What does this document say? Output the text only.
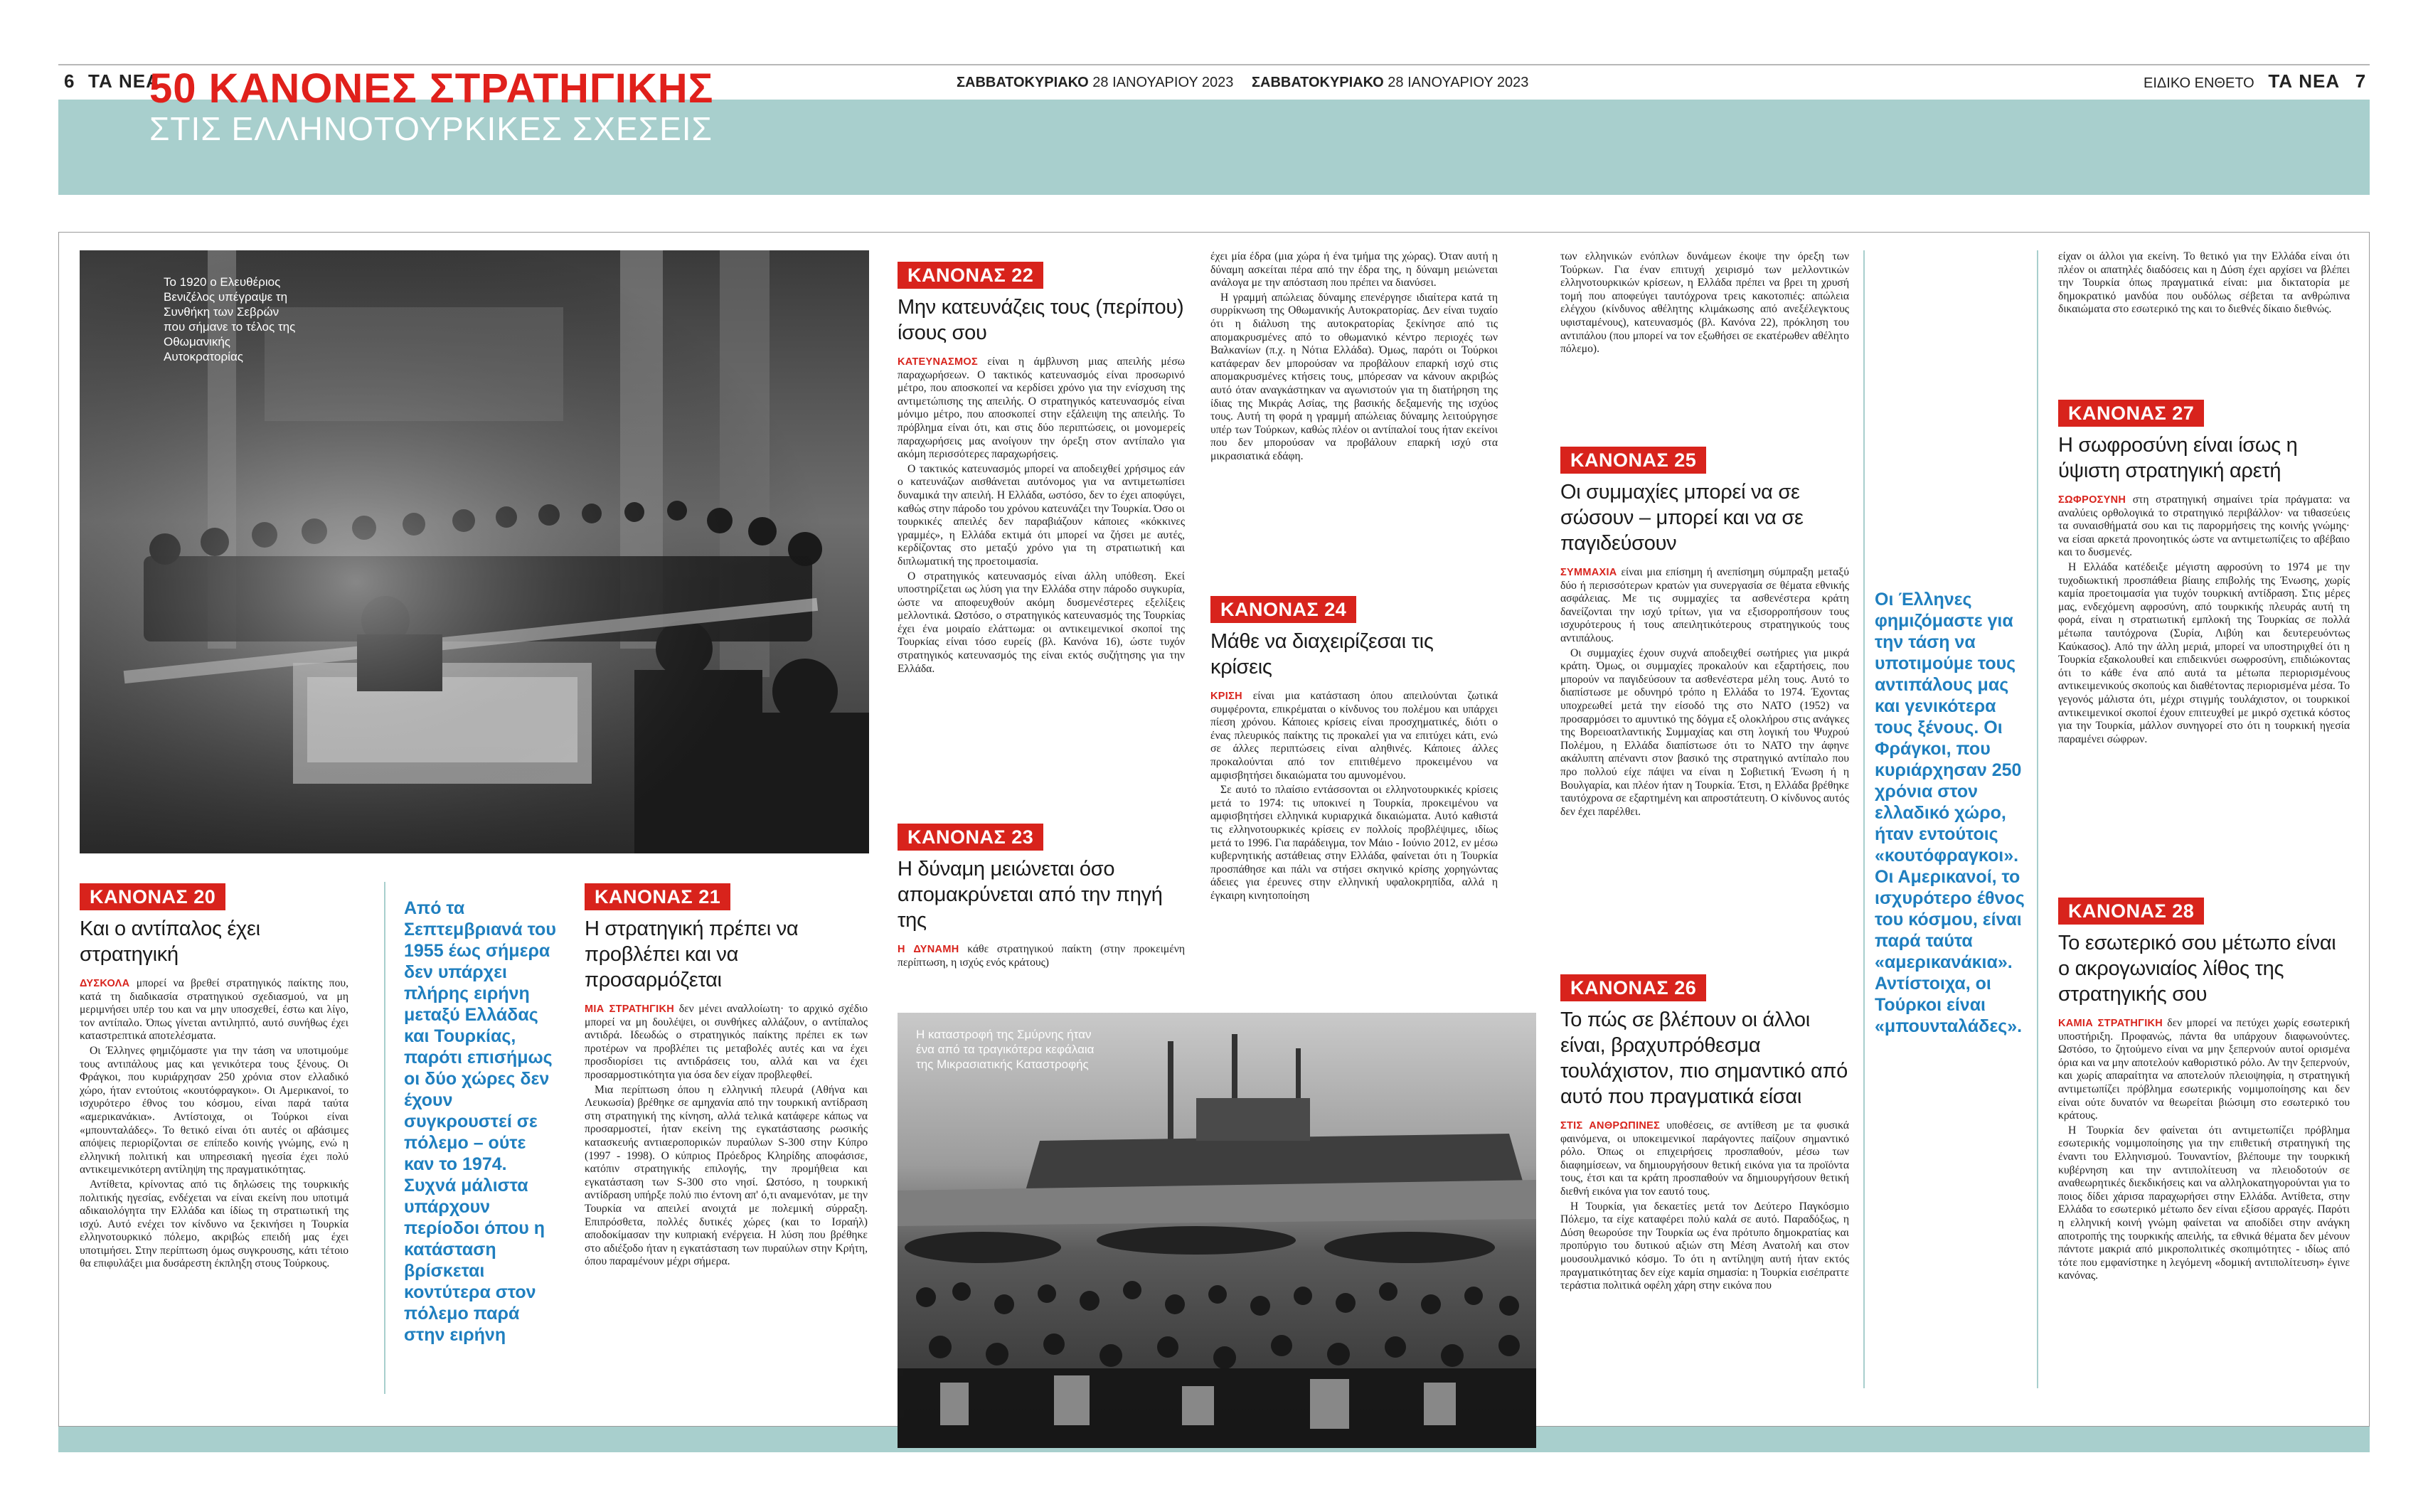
6 ΤΑ ΝΕΑ	ΣΑΒΒΑΤΟΚΥΡΙΑΚΟ 28 ΙΑΝΟΥΑΡΙΟΥ 2023 ΣΑΒΒΑΤΟΚΥΡΙΑΚΟ 28 ΙΑΝΟΥΑΡΙΟΥ 2023	ΕΙΔΙΚΟ ΕΝΘΕΤΟ ΤΑ ΝΕΑ 7
50 ΚΑΝΟΝΕΣ ΣΤΡΑΤΗΓΙΚΗΣ
ΣΤΙΣ ΕΛΛΗΝΟΤΟΥΡΚΙΚΕΣ ΣΧΕΣΕΙΣ
Το 1920 ο Ελευθέριος Βενιζέλος υπέγραψε τη Συνθήκη των Σεβρών που σήμανε το τέλος της Οθωμανικής Αυτοκρατορίας
ΚΑΝΟΝΑΣ 20
Και ο αντίπαλος έχει στρατηγική

ΔΥΣΚΟΛΑ μπορεί να βρεθεί στρατηγικός παίκτης που, κατά τη διαδικασία στρατηγικού σχεδιασμού, να μη μεριμνήσει υπέρ του και να μην υποσχεθεί, έστω και λίγο, τον αντίπαλο. Όπως γίνεται αντιληπτό, αυτό συνήθως έχει καταστρεπτικά αποτελέσματα.

Οι Έλληνες φημιζόμαστε για την τάση να υποτιμούμε τους αντιπάλους μας και γενικότερα τους ξένους. Οι Φράγκοι, που κυριάρχησαν 250 χρόνια στον ελλαδικό χώρο, ήταν εντούτοις «κουτόφραγκοι». Οι Αμερικανοί, το ισχυρότερο έθνος του κόσμου, είναι παρά ταύτα «αμερικανάκια». Αντίστοιχα, οι Τούρκοι είναι «μπουνταλάδες». Το θετικό είναι ότι αυτές οι αβάσιμες απόψεις περιορίζονται σε επίπεδο κοινής γνώμης, ενώ η ελληνική πολιτική και υπηρεσιακή ηγεσία έχει πολύ αντικειμενικότερη αντίληψη της πραγματικότητας.

Αντίθετα, κρίνοντας από τις δηλώσεις της τουρκικής πολιτικής ηγεσίας, ενδέχεται να είναι εκείνη που υποτιμά αδικαιολόγητα την Ελλάδα και ίδίως τη στρατιωτική της ισχύ. Αυτό ενέχει τον κίνδυνο να ξεκινήσει η Τουρκία ελληνοτουρκικό πόλεμο, ακριβώς επειδή μας έχει υποτιμήσει. Στην περίπτωση όμως συγκρουσης, κάτι τέτοιο θα επιφυλάξει μια δυσάρεστη έκπληξη στους Τούρκους.

Από τα Σεπτεμβριανά του 1955 έως σήμερα δεν υπάρχει πλήρης ειρήνη μεταξύ Ελλάδας και Τουρκίας, παρότι επισήμως οι δύο χώρες δεν έχουν συγκρουστεί σε πόλεμο – ούτε καν το 1974. Συχνά μάλιστα υπάρχουν περίοδοι όπου η κατάσταση βρίσκεται κοντύτερα στον πόλεμο παρά στην ειρήνη
ΚΑΝΟΝΑΣ 21
Η στρατηγική πρέπει να προβλέπει και να προσαρμόζεται

ΜΙΑ ΣΤΡΑΤΗΓΙΚΗ δεν μένει αναλλοίωτη· το αρχικό σχέδιο μπορεί να μη δουλέψει, οι συνθήκες αλλάζουν, ο αντίπαλος αντιδρά. Ιδεωδώς ο στρατηγικός παίκτης πρέπει εκ των προτέρων να προβλέπει τις μεταβολές αυτές και να έχει προσδιορίσει τις αντιδράσεις του, αλλά και να έχει προσαρμοστικότητα για όσα δεν είχαν προβλεφθεί.

Μια περίπτωση όπου η ελληνική πλευρά (Αθήνα και Λευκωσία) βρέθηκε σε αμηχανία από την τουρκική αντίδραση στη στρατηγική της κίνηση, αλλά τελικά κατάφερε κάπως να προσαρμοστεί, ήταν εκείνη της εγκατάστασης ρωσικής κατασκευής αντιαεροπορικών πυραύλων S-300 στην Κύπρο (1997 - 1998). Ο κύπριος Πρόεδρος Κληρίδης αποφάσισε, κατόπιν στρατηγικής επιλογής, την προμήθεια και εγκατάσταση των S-300 στο νησί. Ωστόσο, η τουρκική αντίδραση υπήρξε πολύ πιο έντονη απ' ό,τι αναμενόταν, με την Τουρκία να απειλεί ανοιχτά με πολεμική σύρραξη. Επιπρόσθετα, πολλές δυτικές χώρες (και το Ισραήλ) αποδοκίμασαν την κυπριακή ενέργεια. Η λύση που βρέθηκε στο αδιέξοδο ήταν η εγκατάσταση των πυραύλων στην Κρήτη, όπου παραμένουν μέχρι σήμερα.

ΚΑΝΟΝΑΣ 22
Μην κατευνάζεις τους (περίπου) ίσους σου

ΚΑΤΕΥΝΑΣΜΟΣ είναι η άμβλυνση μιας απειλής μέσω παραχωρήσεων. Ο τακτικός κατευνασμός είναι προσωρινό μέτρο, που αποσκοπεί να κερδίσει χρόνο για την ενίσχυση της αντιμετώπισης της απειλής. Ο στρατηγικός κατευνασμός είναι μόνιμο μέτρο, που αποσκοπεί στην εξάλειψη της απειλής. Το πρόβλημα είναι ότι, και στις δύο περιπτώσεις, οι μονομερείς παραχωρήσεις μας ανοίγουν την όρεξη στον αντίπαλο για ακόμη περισσότερες παραχωρήσεις.

Ο τακτικός κατευνασμός μπορεί να αποδειχθεί χρήσιμος εάν ο κατευνάζων αισθάνεται αυτόνομος για να αντιμετωπίσει δυναμικά την απειλή. Η Ελλάδα, ωστόσο, δεν το έχει αποφύγει, καθώς στην πάροδο του χρόνου κατευνάζει την Τουρκία. Όσο οι τουρκικές απειλές δεν παραβιάζουν κάποιες «κόκκινες γραμμές», η Ελλάδα εκτιμά ότι μπορεί να ζήσει με αυτές, κερδίζοντας στο μεταξύ χρόνο για τη στρατιωτική και διπλωματική της προετοιμασία.

Ο στρατηγικός κατευνασμός είναι άλλη υπόθεση. Εκεί υποστηρίζεται ως λύση για την Ελλάδα στην πάροδο συγκυρία, ώστε να αποφευχθούν ακόμη δυσμενέστερες εξελίξεις μελλοντικά. Ωστόσο, ο στρατηγικός κατευνασμός της Τουρκίας έχει ένα μοιραίο ελάττωμα: οι αντικειμενικοί σκοποί της Τουρκίας είναι τόσο ευρείς (βλ. Κανόνα 16), ώστε τυχόν στρατηγικός κατευνασμός της είναι εκτός συζήτησης για την Ελλάδα.

ΚΑΝΟΝΑΣ 23
Η δύναμη μειώνεται όσο απομακρύνεται από την πηγή της

Η ΔΥΝΑΜΗ κάθε στρατηγικού παίκτη (στην προκειμένη περίπτωση, η ισχύς ενός κράτους)

έχει μία έδρα (μια χώρα ή ένα τμήμα της χώρας). Όταν αυτή η δύναμη ασκείται πέρα από την έδρα της, η δύναμη μειώνεται ανάλογα με την απόσταση που πρέπει να διανύσει.

Η γραμμή απώλειας δύναμης επενέργησε ιδιαίτερα κατά τη συρρίκνωση της Οθωμανικής Αυτοκρατορίας. Δεν είναι τυχαίο ότι η διάλυση της αυτοκρατορίας ξεκίνησε από τις απομακρυσμένες από το οθωμανικό κέντρο περιοχές των Βαλκανίων (π.χ. η Νότια Ελλάδα). Όμως, παρότι οι Τούρκοι κατάφεραν δεν μπορούσαν να προβάλουν επαρκή ισχύ στις απομακρυσμένες κτήσεις τους, μπόρεσαν να κάνουν ακριβώς αυτό όταν αναγκάστηκαν να αγωνιστούν για τη διατήρηση της ίδιας της Μικράς Ασίας, της βασικής δεξαμενής της ισχύος τους. Αυτή τη φορά η γραμμή απώλειας δύναμης λειτούργησε υπέρ των Τούρκων, καθώς πλέον οι αντίπαλοί τους ήταν εκείνοι που δεν μπορούσαν να προβάλουν επαρκή ισχύ στα μικρασιατικά εδάφη.

ΚΑΝΟΝΑΣ 24
Μάθε να διαχειρίζεσαι τις κρίσεις

ΚΡΙΣΗ είναι μια κατάσταση όπου απειλούνται ζωτικά συμφέροντα, επικρέμαται ο κίνδυνος του πολέμου και υπάρχει πίεση χρόνου. Κάποιες κρίσεις είναι προσχηματικές, διότι ο ένας πλευρικός παίκτης τις προκαλεί για να επιτύχει κάτι, ενώ σε άλλες περιπτώσεις είναι αληθινές. Κάποιες άλλες προκαλούνται από τον επιτιθέμενο προκειμένου να αμφισβητήσει δικαιώματα του αμυνομένου.

Σε αυτό το πλαίσιο εντάσσονται οι ελληνοτουρκικές κρίσεις μετά το 1974: τις υποκινεί η Τουρκία, προκειμένου να αμφισβητήσει ελληνικά κυριαρχικά δικαιώματα. Αυτό καθιστά τις ελληνοτουρκικές κρίσεις εν πολλοίς προβλέψιμες, ιδίως μετά το 1996. Για παράδειγμα, τον Μάιο - Ιούνιο 2012, εν μέσω κυβερνητικής αστάθειας στην Ελλάδα, φαίνεται ότι η Τουρκία προσπάθησε και πάλι να στήσει σκηνικό κρίσης χορηγώντας άδειες για έρευνες στην ελληνική υφαλοκρηπίδα, αλλά η έγκαιρη κινητοποίηση

Η καταστροφή της Σμύρνης ήταν ένα από τα τραγικότερα κεφάλαια της Μικρασιατικής Καταστροφής

των ελληνικών ενόπλων δυνάμεων έκοψε την όρεξη των Τούρκων. Για έναν επιτυχή χειρισμό των μελλοντικών ελληνοτουρκικών κρίσεων, η Ελλάδα πρέπει να βρει τη χρυσή τομή που αποφεύγει ταυτόχρονα τρεις κακοτοπιές: απώλεια ελέγχου (κίνδυνος αθέλητης κλιμάκωσης από ανεξέλεγκτους υφισταμένους), κατευνασμός (βλ. Κανόνα 22), πρόκληση του αντιπάλου (που μπορεί να τον εξωθήσει σε εκατέρωθεν αθέλητο πόλεμο).

ΚΑΝΟΝΑΣ 25
Οι συμμαχίες μπορεί να σε σώσουν – μπορεί και να σε παγιδεύσουν

ΣΥΜΜΑΧΙΑ είναι μια επίσημη ή ανεπίσημη σύμπραξη μεταξύ δύο ή περισσότερων κρατών για συνεργασία σε θέματα εθνικής ασφάλειας. Με τις συμμαχίες τα ασθενέστερα κράτη δανείζονται την ισχύ τρίτων, για να εξισορροπήσουν τους ισχυρότερους ή τους απειλητικότερους στρατηγικούς τους αντιπάλους.

Οι συμμαχίες έχουν συχνά αποδειχθεί σωτήριες για μικρά κράτη. Όμως, οι συμμαχίες προκαλούν και εξαρτήσεις, που μπορούν να παγιδεύσουν τα ασθενέστερα μέλη τους. Αυτό το διαπίστωσε με οδυνηρό τρόπο η Ελλάδα το 1974. Έχοντας υποχρεωθεί μετά την είσοδό της στο ΝΑΤΟ (1952) να προσαρμόσει το αμυντικό της δόγμα εξ ολοκλήρου στις ανάγκες της Βορειοατλαντικής Συμμαχίας και στη λογική του Ψυχρού Πολέμου, η Ελλάδα διαπίστωσε ότι το ΝΑΤΟ την άφηνε ακάλυπτη απέναντι στον βασικό της στρατηγικό αντίπαλο που προ πολλού είχε πάψει να είναι η Σοβιετική Ένωση ή η Βουλγαρία, και πλέον ήταν η Τουρκία. Έτσι, η Ελλάδα βρέθηκε ταυτόχρονα σε εξαρτημένη και απροστάτευτη. Ο κίνδυνος αυτός δεν έχει παρέλθει.

ΚΑΝΟΝΑΣ 26
Το πώς σε βλέπουν οι άλλοι είναι, βραχυπρόθεσμα τουλάχιστον, πιο σημαντικό από αυτό που πραγματικά είσαι

ΣΤΙΣ ΑΝΘΡΩΠΙΝΕΣ υποθέσεις, σε αντίθεση με τα φυσικά φαινόμενα, οι υποκειμενικοί παράγοντες παίζουν σημαντικό ρόλο. Όπως οι επιχειρήσεις προσπαθούν, μέσω των διαφημίσεων, να δημιουργήσουν θετική εικόνα για τα προϊόντα τους, έτσι και τα κράτη προσπαθούν να δημιουργήσουν θετική διεθνή εικόνα για τον εαυτό τους.

Η Τουρκία, για δεκαετίες μετά τον Δεύτερο Παγκόσμιο Πόλεμο, τα είχε καταφέρει πολύ καλά σε αυτό. Παραδόξως, η Δύση θεωρούσε την Τουρκία ως ένα πρότυπο δημοκρατίας και προπύργιο του δυτικού αξιών στη Μέση Ανατολή και στον μουσουλμανικό κόσμο. Το ότι η αντίληψη αυτή ήταν εκτός πραγματικότητας δεν είχε καμία σημασία: η Τουρκία εισέπραττε τεράστια πολιτικά οφέλη χάρη στην εικόνα που

Οι Έλληνες φημιζόμαστε για την τάση να υποτιμούμε τους αντιπάλους μας και γενικότερα τους ξένους. Οι Φράγκοι, που κυριάρχησαν 250 χρόνια στον ελλαδικό χώρο, ήταν εντούτοις «κουτόφραγκοι». Οι Αμερικανοί, το ισχυρότερο έθνος του κόσμου, είναι παρά ταύτα «αμερικανάκια». Αντίστοιχα, οι Τούρκοι είναι «μπουνταλάδες».

είχαν οι άλλοι για εκείνη. Το θετικό για την Ελλάδα είναι ότι πλέον οι απατηλές διαδόσεις και η Δύση έχει αρχίσει να βλέπει την Τουρκία όπως πραγματικά είναι: μια δικτατορία με δημοκρατικό μανδύα που ουδόλως σέβεται τα ανθρώπινα δικαιώματα στο εσωτερικό της και το διεθνές δίκαιο διεθνώς.

ΚΑΝΟΝΑΣ 27
Η σωφροσύνη είναι ίσως η ύψιστη στρατηγική αρετή

ΣΩΦΡΟΣΥΝΗ στη στρατηγική σημαίνει τρία πράγματα: να αναλύεις ορθολογικά το στρατηγικό περιβάλλον· να τιθασεύεις τα συναισθήματά σου και τις παρορμήσεις της κοινής γνώμης· να είσαι αρκετά προνοητικός ώστε να αντιμετωπίζεις το αβέβαιο και το δυσμενές.

Η Ελλάδα κατέδειξε μέγιστη αφροσύνη το 1974 με την τυχοδιωκτική προσπάθεια βίαιης επιβολής της Ένωσης, χωρίς καμία προετοιμασία για τυχόν τουρκική αντίδραση. Στις μέρες μας, ενδεχόμενη αφροσύνη, από τουρκικής πλευράς αυτή τη φορά, είναι η στρατιωτική εμπλοκή της Τουρκίας σε πολλά μέτωπα ταυτόχρονα (Συρία, Λιβύη και δευτερευόντως Καύκασος). Από την άλλη μεριά, μπορεί να υποστηριχθεί ότι η Τουρκία εξακολουθεί και επιδεικνύει σωφροσύνη, επιδιώκοντας ότι το κάθε ένα από αυτά τα μέτωπα περιορισμένους αντικειμενικούς σκοπούς και διαθέτοντας περιορισμένα μέσα. Το γεγονός μάλιστα ότι, μέχρι στιγμής τουλάχιστον, οι τουρκικοί αντικειμενικοί σκοποί έχουν επιτευχθεί με μικρό σχετικά κόστος για την Τουρκία, μάλλον συνηγορεί στο ότι η τουρκική ηγεσία παραμένει σώφρων.

ΚΑΝΟΝΑΣ 28
Το εσωτερικό σου μέτωπο είναι ο ακρογωνιαίος λίθος της στρατηγικής σου

ΚΑΜΙΑ ΣΤΡΑΤΗΓΙΚΗ δεν μπορεί να πετύχει χωρίς εσωτερική υποστήριξη. Προφανώς, πάντα θα υπάρχουν διαφωνούντες. Ωστόσο, το ζητούμενο είναι να μην ξεπερνούν αυτοί ορισμένα όρια και να μην αποτελούν καθοριστικό ρόλο. Αν την ξεπερνούν, και χωρίς απαραίτητα να αποτελούν πλειοψηφία, η στρατηγική αντιμετωπίζει πρόβλημα εσωτερικής νομιμοποίησης και δεν είναι ούτε δυνατόν να θεωρείται βιώσιμη στο εσωτερικό του κράτους.

Η Τουρκία δεν φαίνεται ότι αντιμετωπίζει πρόβλημα εσωτερικής νομιμοποίησης για την επιθετική στρατηγική της έναντι του Ελληνισμού. Τουναντίον, βλέπουμε την τουρκική κυβέρνηση και την αντιπολίτευση να πλειοδοτούν σε αναθεωρητικές διεκδικήσεις και να αλληλοκατηγορούνται για το ποιος δίδει χάρισα παραχωρήσει στην Ελλάδα. Αντίθετα, στην Ελλάδα το εσωτερικό μέτωπο δεν είναι εξίσου αρραγές. Παρότι η ελληνική κοινή γνώμη φαίνεται να αποδίδει στην ανάγκη αποτροπής της τουρκικής απειλής, τα εθνικά θέματα δεν μένουν πάντοτε μακριά από μικροπολιτικές σκοπιμότητες - ιδίως από τότε που εμφανίστηκε η λεγόμενη «δομική αντιπολίτευση» έγινε κανόνας.
